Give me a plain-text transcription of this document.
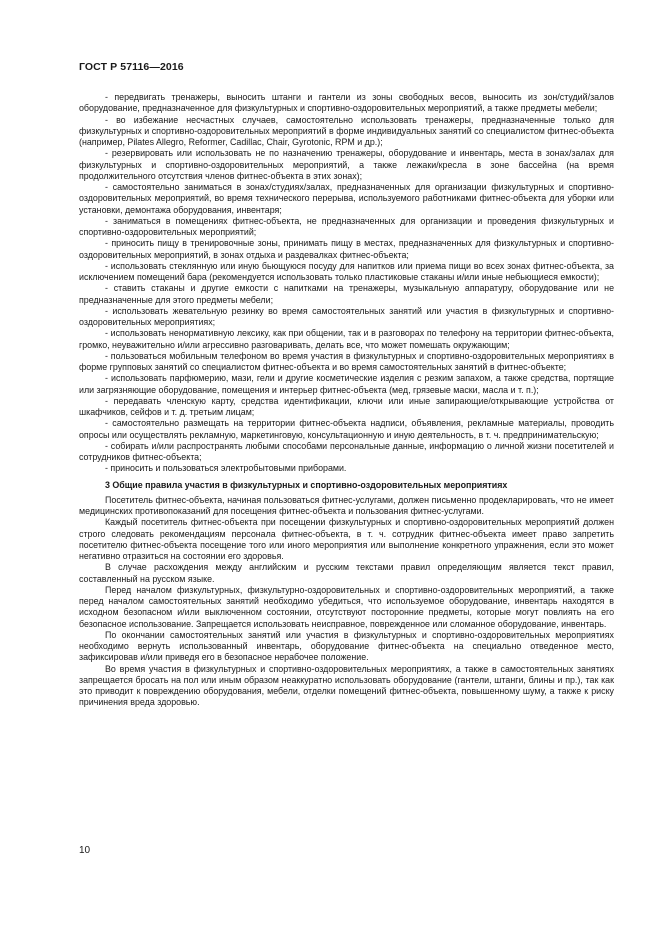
ГОСТ Р 57116—2016

- передвигать тренажеры, выносить штанги и гантели из зоны свободных весов, выносить из зон/студий/залов оборудование, предназначенное для физкультурных и спортивно-оздоровительных мероприятий, а также предметы мебели;

- во избежание несчастных случаев, самостоятельно использовать тренажеры, предназначенные только для физкультурных и спортивно-оздоровительных мероприятий в форме индивидуальных занятий со специалистом фитнес-объекта (например, Pilates Allegro, Reformer, Cadillac, Chair, Gyrotonic, RPM и др.);

- резервировать или использовать не по назначению тренажеры, оборудование и инвентарь, места в зонах/залах для физкультурных и спортивно-оздоровительных мероприятий, а также лежаки/кресла в зоне бассейна (на время продолжительного отсутствия членов фитнес-объекта в этих зонах);

- самостоятельно заниматься в зонах/студиях/залах, предназначенных для организации физкультурных и спортивно-оздоровительных мероприятий, во время технического перерыва, используемого работниками фитнес-объекта для уборки или установки, демонтажа оборудования, инвентаря;

- заниматься в помещениях фитнес-объекта, не предназначенных для организации и проведения физкультурных и спортивно-оздоровительных мероприятий;

- приносить пищу в тренировочные зоны, принимать пищу в местах, предназначенных для физкультурных и спортивно-оздоровительных мероприятий, в зонах отдыха и раздевалках фитнес-объекта;

- использовать стеклянную или иную бьющуюся посуду для напитков или приема пищи во всех зонах фитнес-объекта, за исключением помещений бара (рекомендуется использовать только пластиковые стаканы и/или иные небьющиеся емкости);

- ставить стаканы и другие емкости с напитками на тренажеры, музыкальную аппаратуру, оборудование или не предназначенные для этого предметы мебели;

- использовать жевательную резинку во время самостоятельных занятий или участия в физкультурных и спортивно-оздоровительных мероприятиях;

- использовать ненормативную лексику, как при общении, так и в разговорах по телефону на территории фитнес-объекта, громко, неуважительно и/или агрессивно разговаривать, делать все, что может помешать окружающим;

- пользоваться мобильным телефоном во время участия в физкультурных и спортивно-оздоровительных мероприятиях в форме групповых занятий со специалистом фитнес-объекта и во время самостоятельных занятий в фитнес-объекте;

- использовать парфюмерию, мази, гели и другие косметические изделия с резким запахом, а также средства, портящие или загрязняющие оборудование, помещения и интерьер фитнес-объекта (мед, грязевые маски, масла и т. п.);

- передавать членскую карту, средства идентификации, ключи или иные запирающие/открывающие устройства от шкафчиков, сейфов и т. д. третьим лицам;

- самостоятельно размещать на территории фитнес-объекта надписи, объявления, рекламные материалы, проводить опросы или осуществлять рекламную, маркетинговую, консультационную и иную деятельность, в т. ч. предпринимательскую;

- собирать и/или распространять любыми способами персональные данные, информацию о личной жизни посетителей и сотрудников фитнес-объекта;

- приносить и пользоваться электробытовыми приборами.

3 Общие правила участия в физкультурных и спортивно-оздоровительных мероприятиях

Посетитель фитнес-объекта, начиная пользоваться фитнес-услугами, должен письменно продекларировать, что не имеет медицинских противопоказаний для посещения фитнес-объекта и пользования фитнес-услугами.

Каждый посетитель фитнес-объекта при посещении физкультурных и спортивно-оздоровительных мероприятий должен строго следовать рекомендациям персонала фитнес-объекта, в т. ч. сотрудник фитнес-объекта имеет право запретить посетителю фитнес-объекта посещение того или иного мероприятия или выполнение конкретного упражнения, если это может негативно отразиться на состоянии его здоровья.

В случае расхождения между английским и русским текстами правил определяющим является текст правил, составленный на русском языке.

Перед началом физкультурных, физкультурно-оздоровительных и спортивно-оздоровительных мероприятий, а также перед началом самостоятельных занятий необходимо убедиться, что используемое оборудование, инвентарь находятся в исходном безопасном и/или выключенном состоянии, отсутствуют посторонние предметы, которые могут повлиять на его безопасное использование. Запрещается использовать неисправное, поврежденное или сломанное оборудование, инвентарь.

По окончании самостоятельных занятий или участия в физкультурных и спортивно-оздоровительных мероприятиях необходимо вернуть использованный инвентарь, оборудование фитнес-объекта на специально отведенное место, зафиксировав и/или приведя его в безопасное нерабочее положение.

Во время участия в физкультурных и спортивно-оздоровительных мероприятиях, а также в самостоятельных занятиях запрещается бросать на пол или иным образом неаккуратно использовать оборудование (гантели, штанги, блины и пр.), так как это приводит к повреждению оборудования, мебели, отделки помещений фитнес-объекта, повышенному шуму, а также к риску причинения вреда здоровью.

10
